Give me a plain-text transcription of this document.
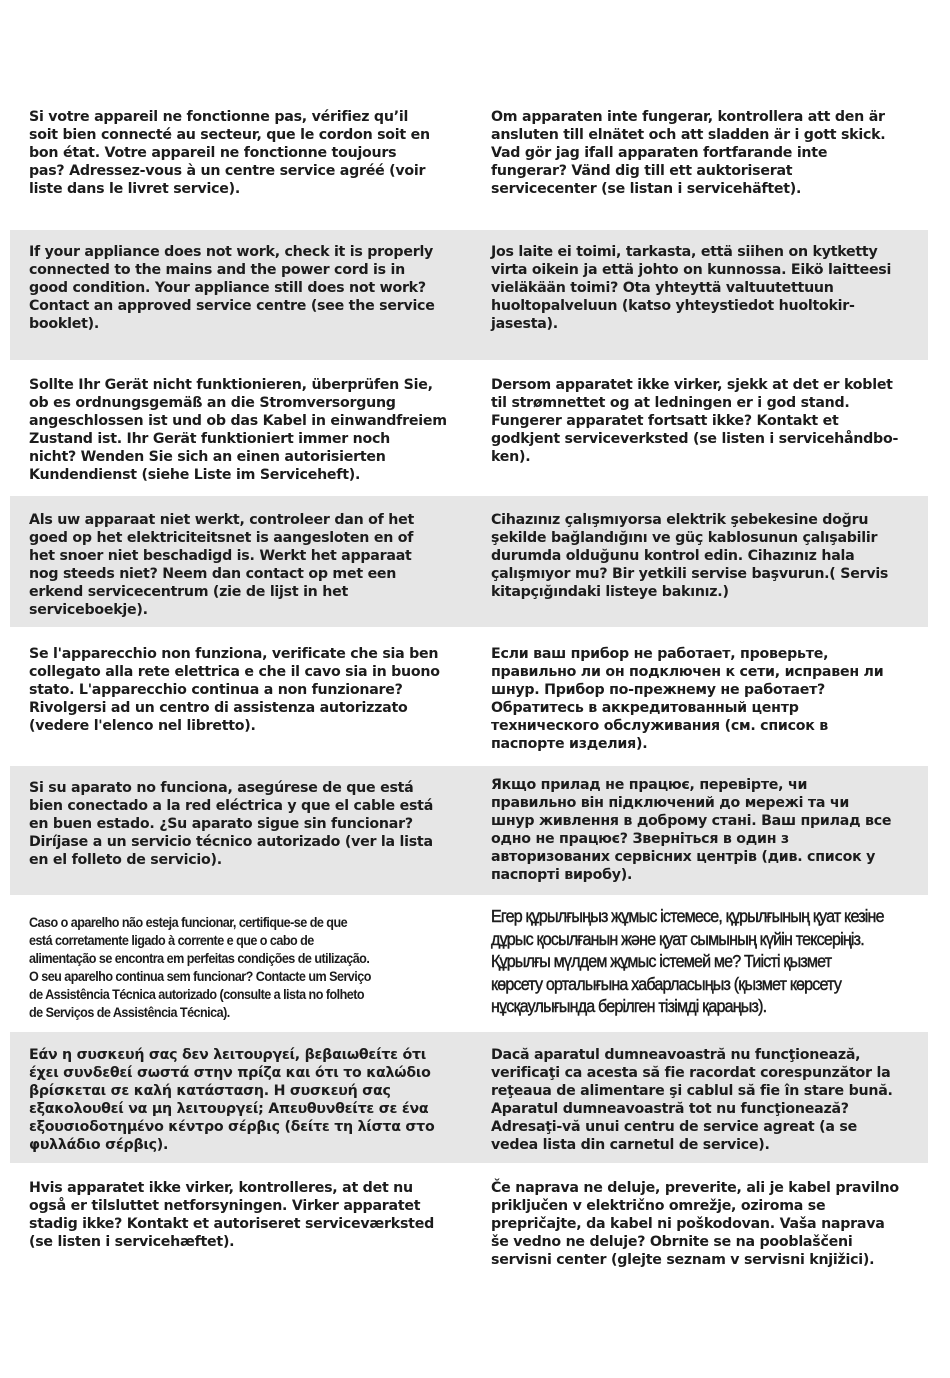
Si votre appareil ne fonctionne pas, vérifiez qu’il
soit bien connecté au secteur, que le cordon soit en
bon état. Votre appareil ne fonctionne toujours
pas? Adressez-vous à un centre service agréé (voir
liste dans le livret service).
Om apparaten inte fungerar, kontrollera att den är
ansluten till elnätet och att sladden är i gott skick.
Vad gör jag ifall apparaten fortfarande inte
fungerar? Vänd dig till ett auktoriserat
servicecenter (se listan i servicehäftet).
If your appliance does not work, check it is properly
connected to the mains and the power cord is in
good condition. Your appliance still does not work?
Contact an approved service centre (see the service
booklet).
Jos laite ei toimi, tarkasta, että siihen on kytketty
virta oikein ja että johto on kunnossa. Eikö laitteesi
vieläkään toimi? Ota yhteyttä valtuutettuun
huoltopalveluun (katso yhteystiedot huoltokir-
jasesta).
Sollte Ihr Gerät nicht funktionieren, überprüfen Sie,
ob es ordnungsgemäß an die Stromversorgung
angeschlossen ist und ob das Kabel in einwandfreiem
Zustand ist. Ihr Gerät funktioniert immer noch
nicht? Wenden Sie sich an einen autorisierten
Kundendienst (siehe Liste im Serviceheft).
Dersom apparatet ikke virker, sjekk at det er koblet
til strømnettet og at ledningen er i god stand.
Fungerer apparatet fortsatt ikke? Kontakt et
godkjent serviceverksted (se listen i servicehåndbo-
ken).
Als uw apparaat niet werkt, controleer dan of het
goed op het elektriciteitsnet is aangesloten en of
het snoer niet beschadigd is. Werkt het apparaat
nog steeds niet? Neem dan contact op met een
erkend servicecentrum (zie de lijst in het
serviceboekje).
Cihazınız çalışmıyorsa elektrik şebekesine doğru
şekilde bağlandığını ve güç kablosunun çalışabilir
durumda olduğunu kontrol edin. Cihazınız hala
çalışmıyor mu? Bir yetkili servise başvurun.( Servis
kitapçığındaki listeye bakınız.)
Se l'apparecchio non funziona, verificate che sia ben
collegato alla rete elettrica e che il cavo sia in buono
stato. L'apparecchio continua a non funzionare?
Rivolgersi ad un centro di assistenza autorizzato
(vedere l'elenco nel libretto).
Если ваш прибор не работает, проверьте,
правильно ли он подключен к сети, исправен ли
шнур. Прибор по-прежнему не работает?
Обратитесь в аккредитованный центр
технического обслуживания (см. список в
паспорте изделия).
Si su aparato no funciona, asegúrese de que está
bien conectado a la red eléctrica y que el cable está
en buen estado. ¿Su aparato sigue sin funcionar?
Diríjase a un servicio técnico autorizado (ver la lista
en el folleto de servicio).
Якщо прилад не працює, перевірте, чи
правильно він підключений до мережі та чи
шнур живлення в доброму стані. Ваш прилад все
одно не працює? Зверніться в один з
авторизованих сервісних центрів (див. список у
паспорті виробу).
Caso o aparelho não esteja funcionar, certifique-se de que
está corretamente ligado à corrente e que o cabo de
alimentação se encontra em perfeitas condições de utilização.
O seu aparelho continua sem funcionar? Contacte um Serviço
de Assistência Técnica autorizado (consulte a lista no folheto
de Serviços de Assistência Técnica).
Егер құрылғыңыз жұмыс істемесе, құрылғының қуат кезіне
дұрыс қосылғанын және қуат сымының күйін тексеріңіз.
Құрылғы мүлдем жұмыс істемей ме? Тиісті қызмет
көрсету орталығына хабарласыңыз (қызмет көрсету
нұсқаулығында берілген тізімді қараңыз).
Εάν η συσκευή σας δεν λειτουργεί, βεβαιωθείτε ότι
έχει συνδεθεί σωστά στην πρίζα και ότι το καλώδιο
βρίσκεται σε καλή κατάσταση. Η συσκευή σας
εξακολουθεί να μη λειτουργεί; Απευθυνθείτε σε ένα
εξουσιοδοτημένο κέντρο σέρβις (δείτε τη λίστα στο
φυλλάδιο σέρβις).
Dacă aparatul dumneavoastră nu funcţionează,
verificaţi ca acesta să fie racordat corespunzător la
reţeaua de alimentare şi cablul să fie în stare bună.
Aparatul dumneavoastră tot nu funcţionează?
Adresaţi-vă unui centru de service agreat (a se
vedea lista din carnetul de service).
Hvis apparatet ikke virker, kontrolleres, at det nu
også er tilsluttet netforsyningen. Virker apparatet
stadig ikke? Kontakt et autoriseret serviceværksted
(se listen i servicehæftet).
Če naprava ne deluje, preverite, ali je kabel pravilno
priključen v električno omrežje, oziroma se
prepričajte, da kabel ni poškodovan. Vaša naprava
še vedno ne deluje? Obrnite se na pooblaščeni
servisni center (glejte seznam v servisni knjižici).
